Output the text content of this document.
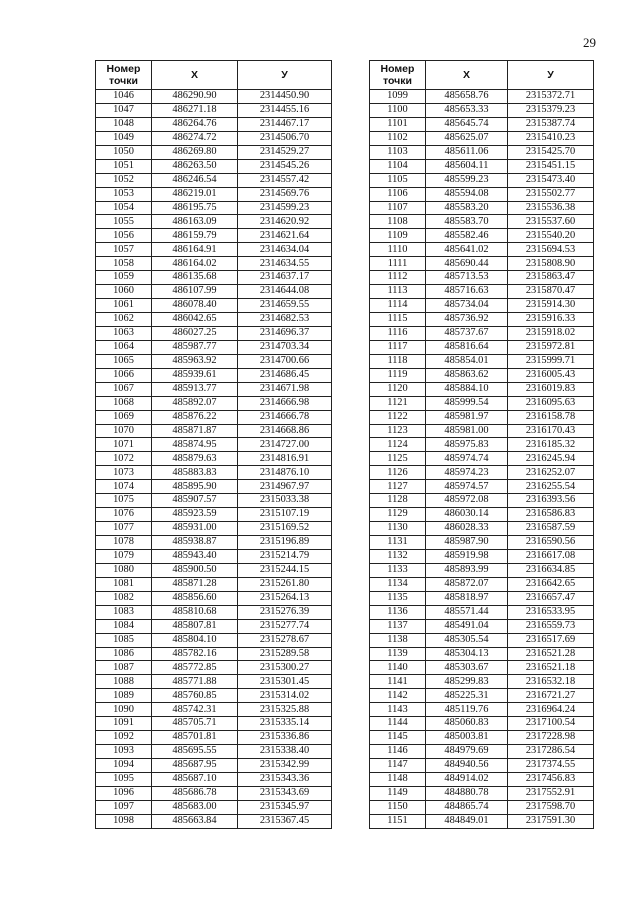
29
Номер точки	X	У
1046	486290.90	2314450.90
1047	486271.18	2314455.16
1048	486264.76	2314467.17
1049	486274.72	2314506.70
1050	486269.80	2314529.27
1051	486263.50	2314545.26
1052	486246.54	2314557.42
1053	486219.01	2314569.76
1054	486195.75	2314599.23
1055	486163.09	2314620.92
1056	486159.79	2314621.64
1057	486164.91	2314634.04
1058	486164.02	2314634.55
1059	486135.68	2314637.17
1060	486107.99	2314644.08
1061	486078.40	2314659.55
1062	486042.65	2314682.53
1063	486027.25	2314696.37
1064	485987.77	2314703.34
1065	485963.92	2314700.66
1066	485939.61	2314686.45
1067	485913.77	2314671.98
1068	485892.07	2314666.98
1069	485876.22	2314666.78
1070	485871.87	2314668.86
1071	485874.95	2314727.00
1072	485879.63	2314816.91
1073	485883.83	2314876.10
1074	485895.90	2314967.97
1075	485907.57	2315033.38
1076	485923.59	2315107.19
1077	485931.00	2315169.52
1078	485938.87	2315196.89
1079	485943.40	2315214.79
1080	485900.50	2315244.15
1081	485871.28	2315261.80
1082	485856.60	2315264.13
1083	485810.68	2315276.39
1084	485807.81	2315277.74
1085	485804.10	2315278.67
1086	485782.16	2315289.58
1087	485772.85	2315300.27
1088	485771.88	2315301.45
1089	485760.85	2315314.02
1090	485742.31	2315325.88
1091	485705.71	2315335.14
1092	485701.81	2315336.86
1093	485695.55	2315338.40
1094	485687.95	2315342.99
1095	485687.10	2315343.36
1096	485686.78	2315343.69
1097	485683.00	2315345.97
1098	485663.84	2315367.45
Номер точки	X	У
1099	485658.76	2315372.71
1100	485653.33	2315379.23
1101	485645.74	2315387.74
1102	485625.07	2315410.23
1103	485611.06	2315425.70
1104	485604.11	2315451.15
1105	485599.23	2315473.40
1106	485594.08	2315502.77
1107	485583.20	2315536.38
1108	485583.70	2315537.60
1109	485582.46	2315540.20
1110	485641.02	2315694.53
1111	485690.44	2315808.90
1112	485713.53	2315863.47
1113	485716.63	2315870.47
1114	485734.04	2315914.30
1115	485736.92	2315916.33
1116	485737.67	2315918.02
1117	485816.64	2315972.81
1118	485854.01	2315999.71
1119	485863.62	2316005.43
1120	485884.10	2316019.83
1121	485999.54	2316095.63
1122	485981.97	2316158.78
1123	485981.00	2316170.43
1124	485975.83	2316185.32
1125	485974.74	2316245.94
1126	485974.23	2316252.07
1127	485974.57	2316255.54
1128	485972.08	2316393.56
1129	486030.14	2316586.83
1130	486028.33	2316587.59
1131	485987.90	2316590.56
1132	485919.98	2316617.08
1133	485893.99	2316634.85
1134	485872.07	2316642.65
1135	485818.97	2316657.47
1136	485571.44	2316533.95
1137	485491.04	2316559.73
1138	485305.54	2316517.69
1139	485304.13	2316521.28
1140	485303.67	2316521.18
1141	485299.83	2316532.18
1142	485225.31	2316721.27
1143	485119.76	2316964.24
1144	485060.83	2317100.54
1145	485003.81	2317228.98
1146	484979.69	2317286.54
1147	484940.56	2317374.55
1148	484914.02	2317456.83
1149	484880.78	2317552.91
1150	484865.74	2317598.70
1151	484849.01	2317591.30
